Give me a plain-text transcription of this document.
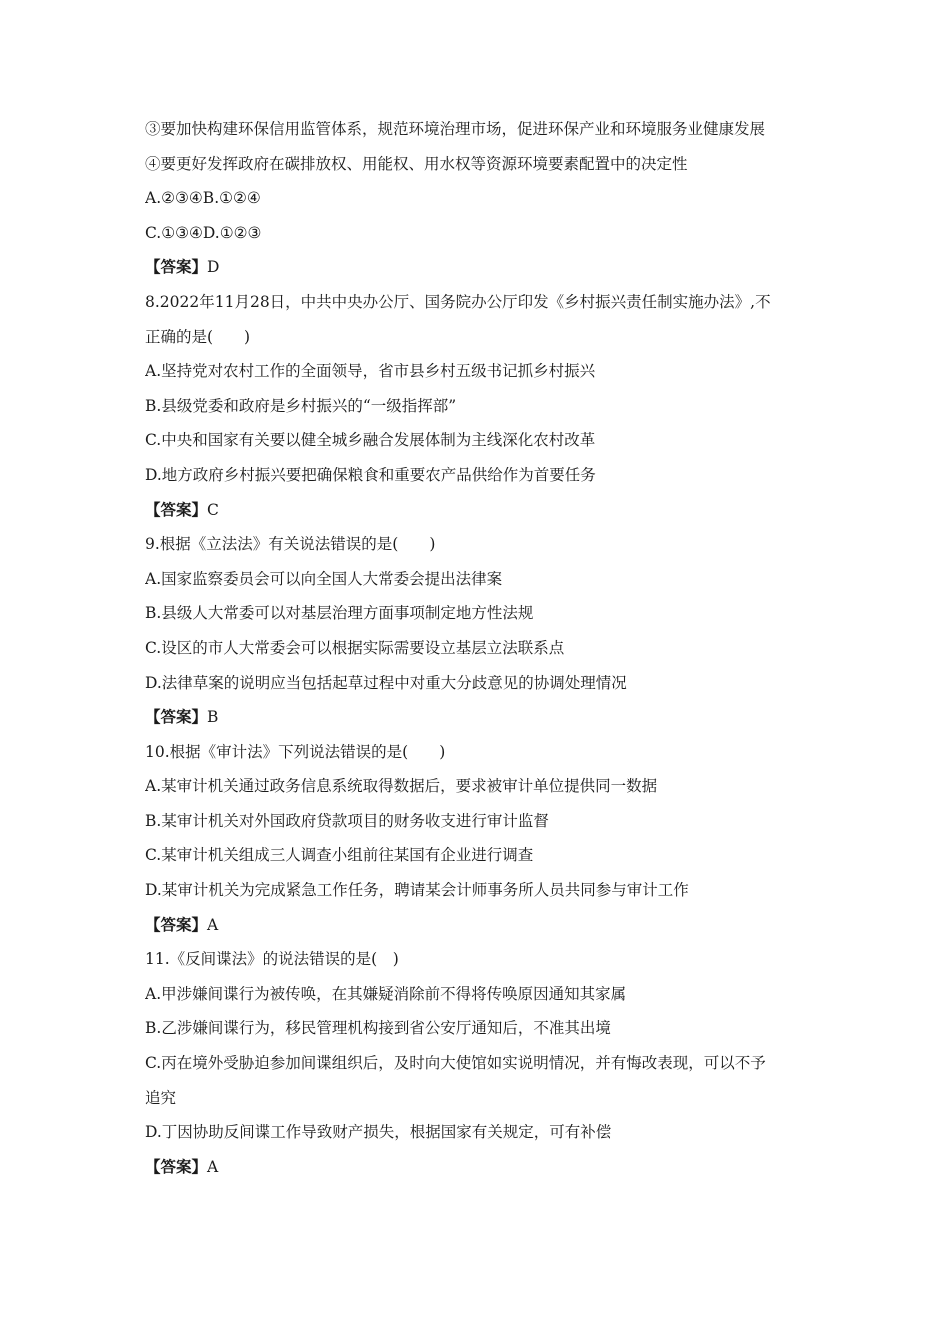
③要加快构建环保信用监管体系，规范环境治理市场，促进环保产业和环境服务业健康发展
④要更好发挥政府在碳排放权、用能权、用水权等资源环境要素配置中的决定性
A.②③④B.①②④
C.①③④D.①②③
【答案】D
8.2022年11月28日，中共中央办公厅、国务院办公厅印发《乡村振兴责任制实施办法》,不
正确的是(　　)
A.坚持党对农村工作的全面领导，省市县乡村五级书记抓乡村振兴
B.县级党委和政府是乡村振兴的“一级指挥部”
C.中央和国家有关要以健全城乡融合发展体制为主线深化农村改革
D.地方政府乡村振兴要把确保粮食和重要农产品供给作为首要任务
【答案】C
9.根据《立法法》有关说法错误的是(　　)
A.国家监察委员会可以向全国人大常委会提出法律案
B.县级人大常委可以对基层治理方面事项制定地方性法规
C.设区的市人大常委会可以根据实际需要设立基层立法联系点
D.法律草案的说明应当包括起草过程中对重大分歧意见的协调处理情况
【答案】B
10.根据《审计法》下列说法错误的是(　　)
A.某审计机关通过政务信息系统取得数据后，要求被审计单位提供同一数据
B.某审计机关对外国政府贷款项目的财务收支进行审计监督
C.某审计机关组成三人调查小组前往某国有企业进行调查
D.某审计机关为完成紧急工作任务，聘请某会计师事务所人员共同参与审计工作
【答案】A
11.《反间谍法》的说法错误的是(　)
A.甲涉嫌间谍行为被传唤，在其嫌疑消除前不得将传唤原因通知其家属
B.乙涉嫌间谍行为，移民管理机构接到省公安厅通知后，不准其出境
C.丙在境外受胁迫参加间谍组织后，及时向大使馆如实说明情况，并有悔改表现，可以不予
追究
D.丁因协助反间谍工作导致财产损失，根据国家有关规定，可有补偿
【答案】A
